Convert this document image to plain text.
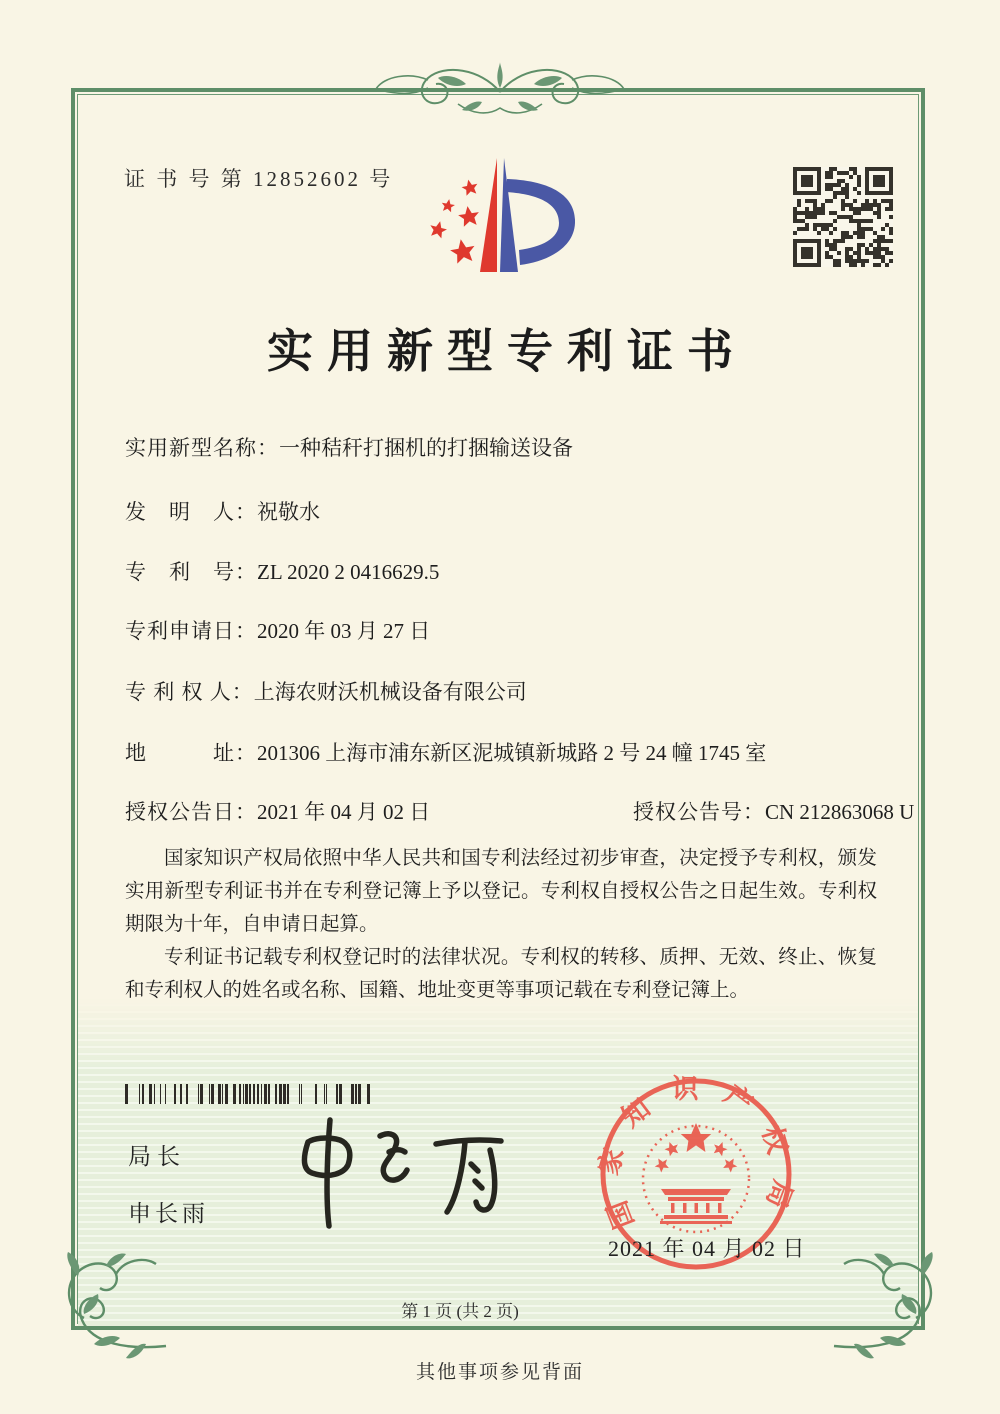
证 书 号 第 12852602 号
实用新型专利证书
实用新型名称：一种秸秆打捆机的打捆输送设备
发　明　人：祝敬水
专　利　号：ZL 2020 2 0416629.5
专利申请日：2020 年 03 月 27 日
专 利 权 人：上海农财沃机械设备有限公司
地　　　址：201306 上海市浦东新区泥城镇新城路 2 号 24 幢 1745 室
授权公告日：2021 年 04 月 02 日	授权公告号：CN 212863068 U

国家知识产权局依照中华人民共和国专利法经过初步审查，决定授予专利权，颁发实用新型专利证书并在专利登记簿上予以登记。专利权自授权公告之日起生效。专利权期限为十年，自申请日起算。

专利证书记载专利权登记时的法律状况。专利权的转移、质押、无效、终止、恢复和专利权人的姓名或名称、国籍、地址变更等事项记载在专利登记簿上。

局长
申长雨	国家知识产权局
2021 年 04 月 02 日
第 1 页 (共 2 页)
其他事项参见背面
